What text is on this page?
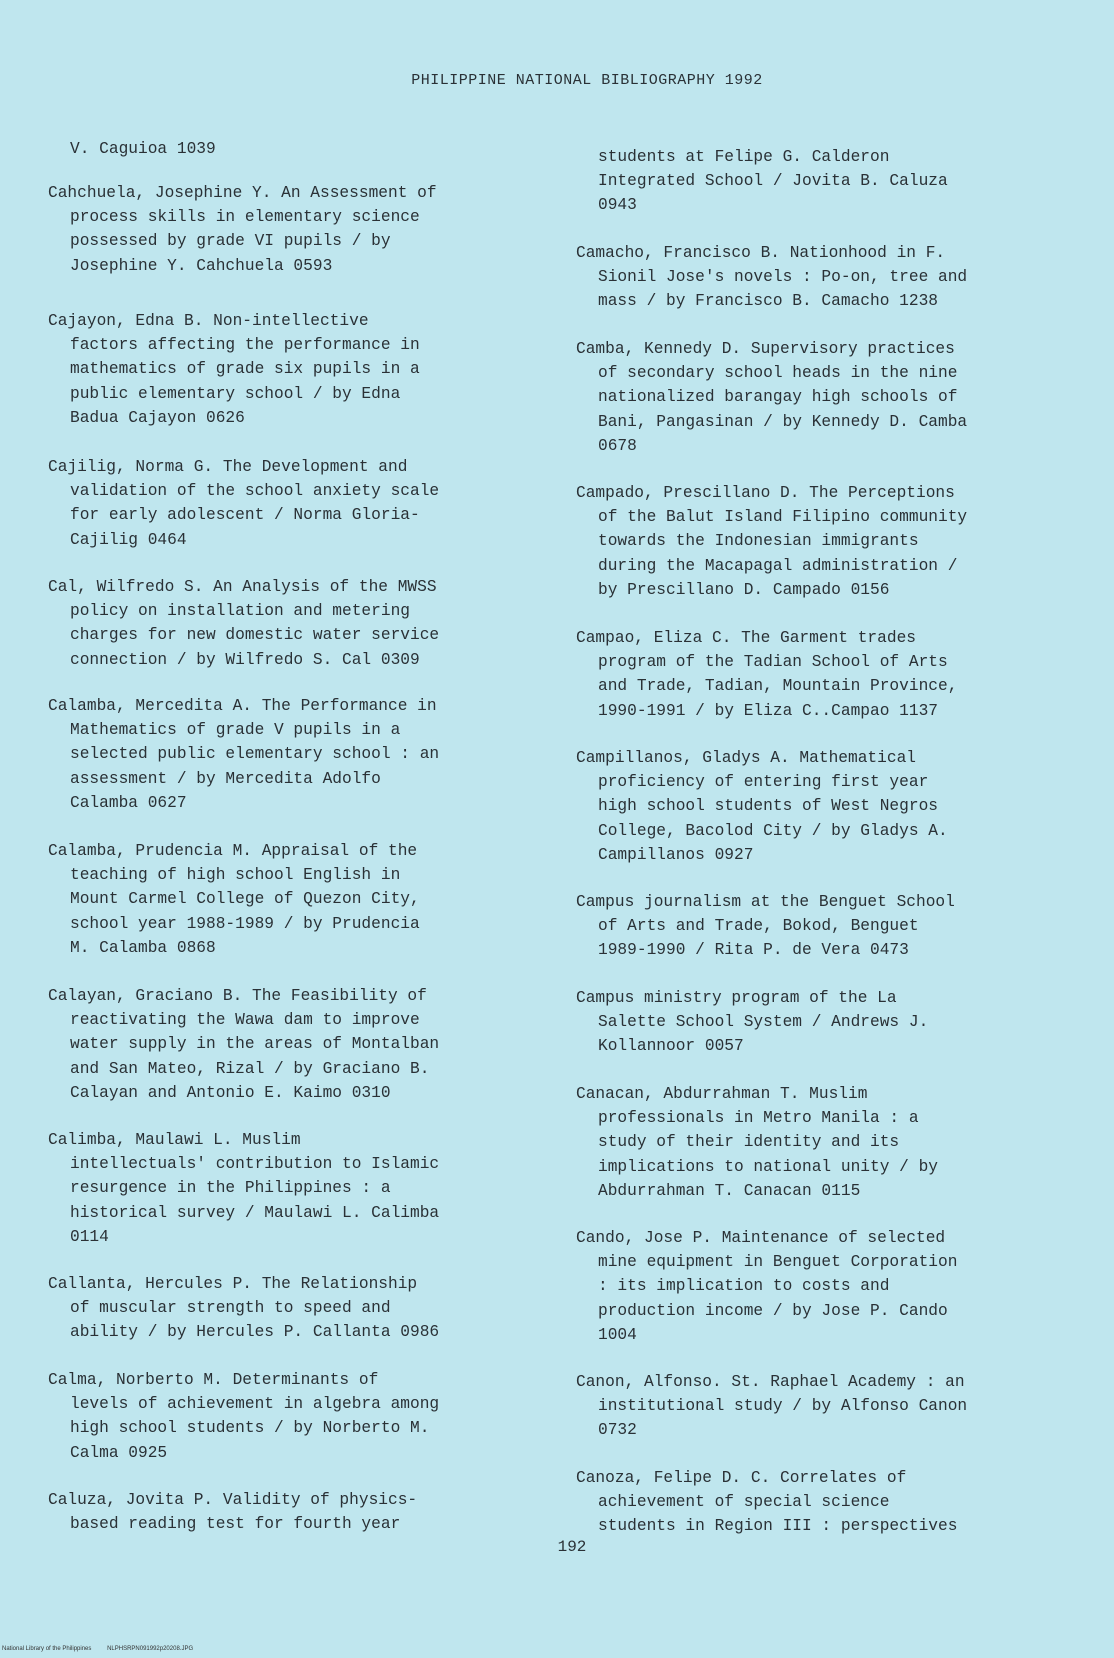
PHILIPPINE NATIONAL BIBLIOGRAPHY 1992
V. Caguioa 1039
Cahchuela, Josephine Y. An Assessment of
process skills in elementary science
possessed by grade VI pupils / by
Josephine Y. Cahchuela 0593
Cajayon, Edna B. Non-intellective
factors affecting the performance in
mathematics of grade six pupils in a
public elementary school / by Edna
Badua Cajayon 0626
Cajilig, Norma G. The Development and
validation of the school anxiety scale
for early adolescent / Norma Gloria-
Cajilig 0464
Cal, Wilfredo S. An Analysis of the MWSS
policy on installation and metering
charges for new domestic water service
connection / by Wilfredo S. Cal 0309
Calamba, Mercedita A. The Performance in
Mathematics of grade V pupils in a
selected public elementary school : an
assessment / by Mercedita Adolfo
Calamba 0627
Calamba, Prudencia M. Appraisal of the
teaching of high school English in
Mount Carmel College of Quezon City,
school year 1988-1989 / by Prudencia
M. Calamba 0868
Calayan, Graciano B. The Feasibility of
reactivating the Wawa dam to improve
water supply in the areas of Montalban
and San Mateo, Rizal / by Graciano B.
Calayan and Antonio E. Kaimo 0310
Calimba, Maulawi L. Muslim
intellectuals' contribution to Islamic
resurgence in the Philippines : a
historical survey / Maulawi L. Calimba
0114
Callanta, Hercules P. The Relationship
of muscular strength to speed and
ability / by Hercules P. Callanta 0986
Calma, Norberto M. Determinants of
levels of achievement in algebra among
high school students / by Norberto M.
Calma 0925
Caluza, Jovita P. Validity of physics-
based reading test for fourth year
students at Felipe G. Calderon
Integrated School / Jovita B. Caluza
0943
Camacho, Francisco B. Nationhood in F.
Sionil Jose's novels : Po-on, tree and
mass / by Francisco B. Camacho 1238
Camba, Kennedy D. Supervisory practices
of secondary school heads in the nine
nationalized barangay high schools of
Bani, Pangasinan / by Kennedy D. Camba
0678
Campado, Prescillano D. The Perceptions
of the Balut Island Filipino community
towards the Indonesian immigrants
during the Macapagal administration /
by Prescillano D. Campado 0156
Campao, Eliza C. The Garment trades
program of the Tadian School of Arts
and Trade, Tadian, Mountain Province,
1990-1991 / by Eliza C..Campao 1137
Campillanos, Gladys A. Mathematical
proficiency of entering first year
high school students of West Negros
College, Bacolod City / by Gladys A.
Campillanos 0927
Campus journalism at the Benguet School
of Arts and Trade, Bokod, Benguet
1989-1990 / Rita P. de Vera 0473
Campus ministry program of the La
Salette School System / Andrews J.
Kollannoor 0057
Canacan, Abdurrahman T. Muslim
professionals in Metro Manila : a
study of their identity and its
implications to national unity / by
Abdurrahman T. Canacan 0115
Cando, Jose P. Maintenance of selected
mine equipment in Benguet Corporation
: its implication to costs and
production income / by Jose P. Cando
1004
Canon, Alfonso. St. Raphael Academy : an
institutional study / by Alfonso Canon
0732
Canoza, Felipe D. C. Correlates of
achievement of special science
students in Region III : perspectives
192
National Library of the Philippines	NLPHSRPN091992p20208.JPG
